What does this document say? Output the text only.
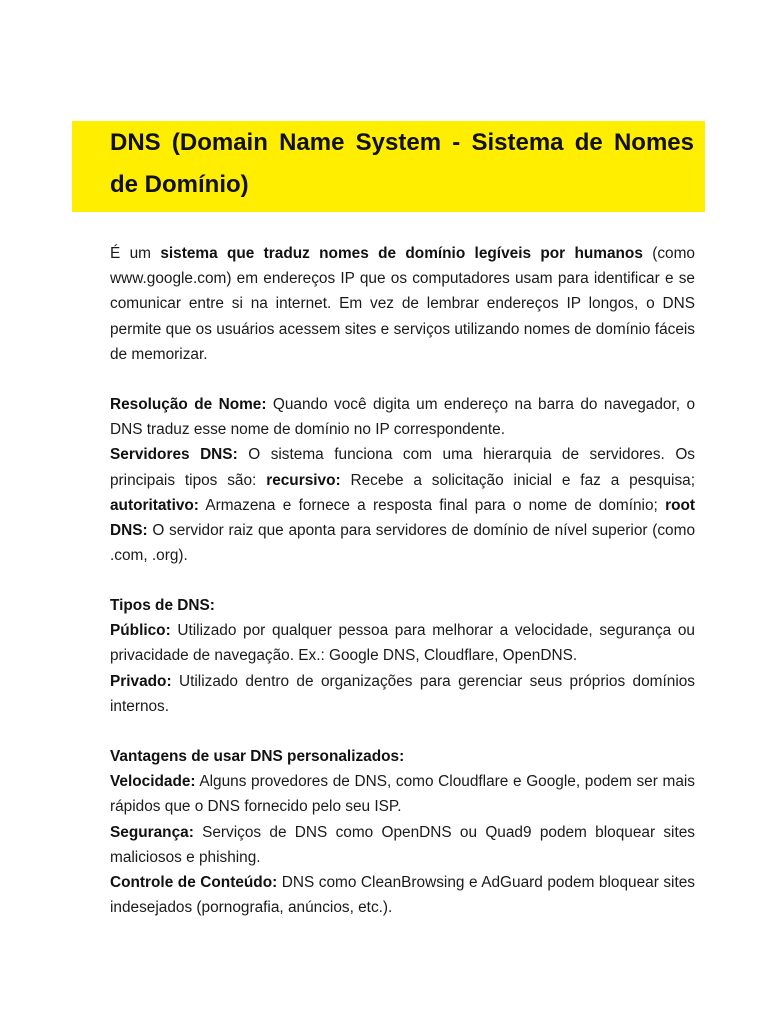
DNS (Domain Name System - Sistema de Nomes de Domínio)

É um sistema que traduz nomes de domínio legíveis por humanos (como www.google.com) em endereços IP que os computadores usam para identificar e se comunicar entre si na internet. Em vez de lembrar endereços IP longos, o DNS permite que os usuários acessem sites e serviços utilizando nomes de domínio fáceis de memorizar.

Resolução de Nome: Quando você digita um endereço na barra do navegador, o DNS traduz esse nome de domínio no IP correspondente.

Servidores DNS: O sistema funciona com uma hierarquia de servidores. Os principais tipos são: recursivo: Recebe a solicitação inicial e faz a pesquisa; autoritativo: Armazena e fornece a resposta final para o nome de domínio; root DNS: O servidor raiz que aponta para servidores de domínio de nível superior (como .com, .org).

Tipos de DNS:

Público: Utilizado por qualquer pessoa para melhorar a velocidade, segurança ou privacidade de navegação. Ex.: Google DNS, Cloudflare, OpenDNS.

Privado: Utilizado dentro de organizações para gerenciar seus próprios domínios internos.

Vantagens de usar DNS personalizados:

Velocidade: Alguns provedores de DNS, como Cloudflare e Google, podem ser mais rápidos que o DNS fornecido pelo seu ISP.

Segurança: Serviços de DNS como OpenDNS ou Quad9 podem bloquear sites maliciosos e phishing.

Controle de Conteúdo: DNS como CleanBrowsing e AdGuard podem bloquear sites indesejados (pornografia, anúncios, etc.).
